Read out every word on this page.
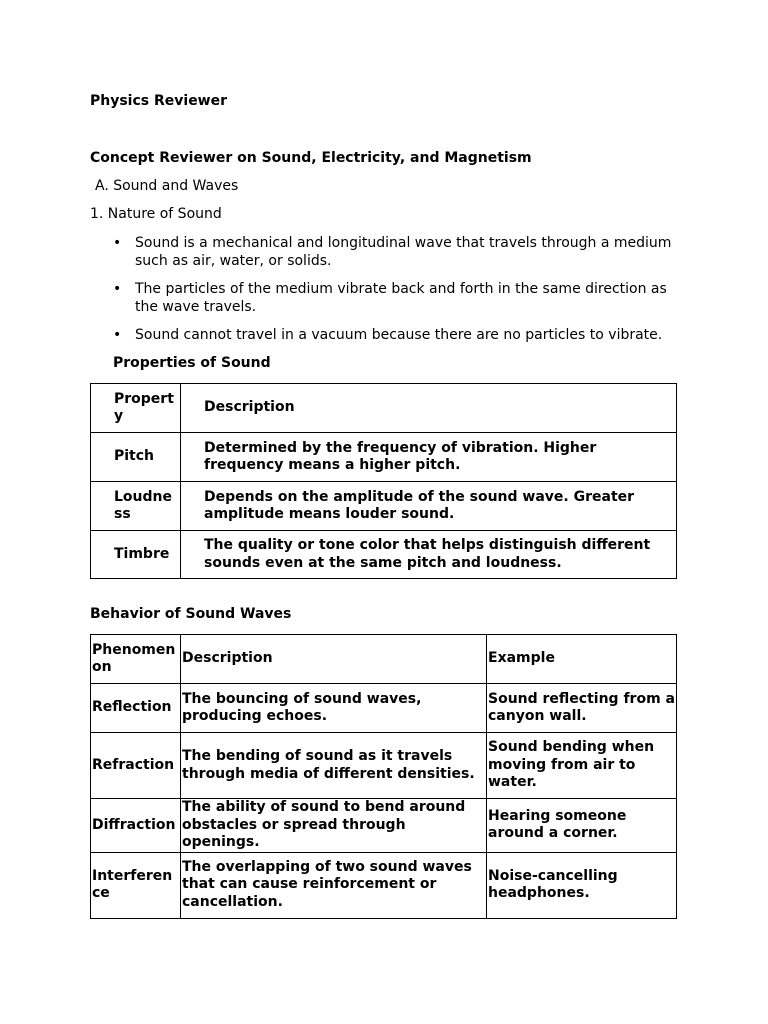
Physics Reviewer

Concept Reviewer on Sound, Electricity, and Magnetism

A. Sound and Waves

1. Nature of Sound

• Sound is a mechanical and longitudinal wave that travels through a medium such as air, water, or solids.
• The particles of the medium vibrate back and forth in the same direction as the wave travels.
• Sound cannot travel in a vacuum because there are no particles to vibrate.

Properties of Sound

Property	Description
Pitch	Determined by the frequency of vibration. Higher frequency means a higher pitch.
Loudness	Depends on the amplitude of the sound wave. Greater amplitude means louder sound.
Timbre	The quality or tone color that helps distinguish different sounds even at the same pitch and loudness.

Behavior of Sound Waves

Phenomenon	Description	Example
Reflection	The bouncing of sound waves, producing echoes.	Sound reflecting from a canyon wall.
Refraction	The bending of sound as it travels through media of different densities.	Sound bending when moving from air to water.
Diffraction	The ability of sound to bend around obstacles or spread through openings.	Hearing someone around a corner.
Interference	The overlapping of two sound waves that can cause reinforcement or cancellation.	Noise-cancelling headphones.
